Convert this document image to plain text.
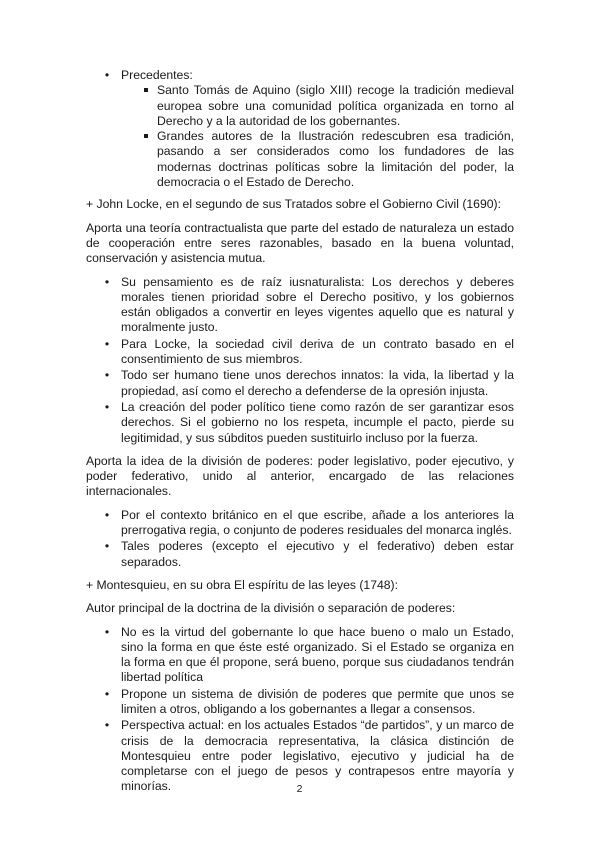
• Precedentes:
Santo Tomás de Aquino (siglo XIII) recoge la tradición medieval europea sobre una comunidad política organizada en torno al Derecho y a la autoridad de los gobernantes.
Grandes autores de la Ilustración redescubren esa tradición, pasando a ser considerados como los fundadores de las modernas doctrinas políticas sobre la limitación del poder, la democracia o el Estado de Derecho.

+ John Locke, en el segundo de sus Tratados sobre el Gobierno Civil (1690):

Aporta una teoría contractualista que parte del estado de naturaleza un estado de cooperación entre seres razonables, basado en la buena voluntad, conservación y asistencia mutua.

• Su pensamiento es de raíz iusnaturalista: Los derechos y deberes morales tienen prioridad sobre el Derecho positivo, y los gobiernos están obligados a convertir en leyes vigentes aquello que es natural y moralmente justo.
• Para Locke, la sociedad civil deriva de un contrato basado en el consentimiento de sus miembros.
• Todo ser humano tiene unos derechos innatos: la vida, la libertad y la propiedad, así como el derecho a defenderse de la opresión injusta.
• La creación del poder político tiene como razón de ser garantizar esos derechos. Si el gobierno no los respeta, incumple el pacto, pierde su legitimidad, y sus súbditos pueden sustituirlo incluso por la fuerza.

Aporta la idea de la división de poderes: poder legislativo, poder ejecutivo, y poder federativo, unido al anterior, encargado de las relaciones internacionales.

• Por el contexto británico en el que escribe, añade a los anteriores la prerrogativa regia, o conjunto de poderes residuales del monarca inglés.
• Tales poderes (excepto el ejecutivo y el federativo) deben estar separados.

+ Montesquieu, en su obra El espíritu de las leyes (1748):

Autor principal de la doctrina de la división o separación de poderes:

• No es la virtud del gobernante lo que hace bueno o malo un Estado, sino la forma en que éste esté organizado. Si el Estado se organiza en la forma en que él propone, será bueno, porque sus ciudadanos tendrán libertad política
• Propone un sistema de división de poderes que permite que unos se limiten a otros, obligando a los gobernantes a llegar a consensos.
• Perspectiva actual: en los actuales Estados “de partidos”, y un marco de crisis de la democracia representativa, la clásica distinción de Montesquieu entre poder legislativo, ejecutivo y judicial ha de completarse con el juego de pesos y contrapesos entre mayoría y minorías.	2
